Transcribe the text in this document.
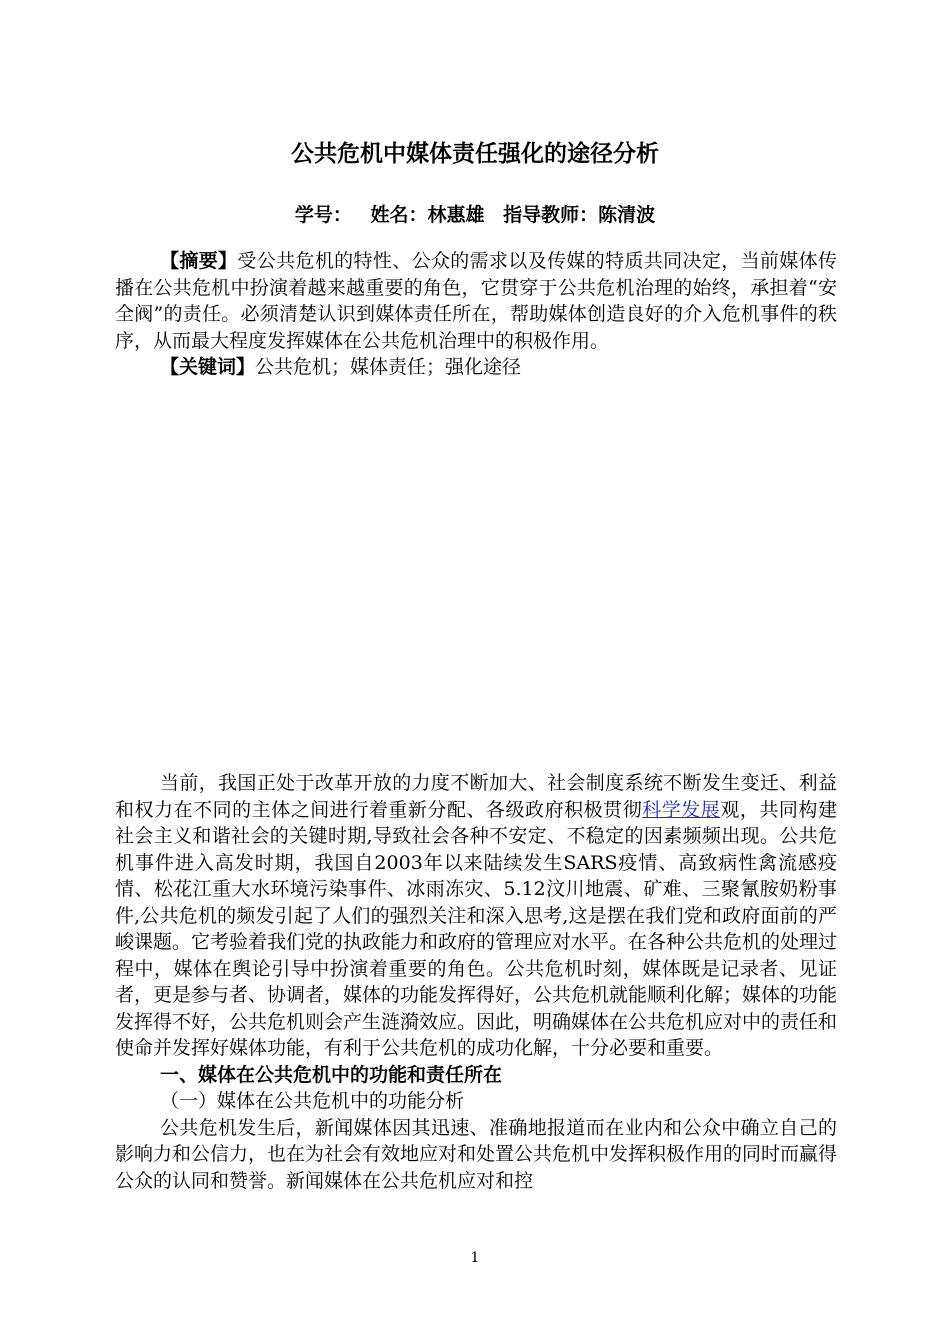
公共危机中媒体责任强化的途径分析
学号： 姓名：林惠雄 指导教师：陈清波

【摘要】受公共危机的特性、公众的需求以及传媒的特质共同决定，当前媒体传播在公共危机中扮演着越来越重要的角色，它贯穿于公共危机治理的始终，承担着“安全阀”的责任。必须清楚认识到媒体责任所在，帮助媒体创造良好的介入危机事件的秩序，从而最大程度发挥媒体在公共危机治理中的积极作用。

【关键词】公共危机；媒体责任；强化途径

当前，我国正处于改革开放的力度不断加大、社会制度系统不断发生变迁、利益和权力在不同的主体之间进行着重新分配、各级政府积极贯彻科学发展观，共同构建社会主义和谐社会的关键时期,导致社会各种不安定、不稳定的因素频频出现。公共危机事件进入高发时期，我国自2003年以来陆续发生SARS疫情、高致病性禽流感疫情、松花江重大水环境污染事件、冰雨冻灾、5.12汶川地震、矿难、三聚氰胺奶粉事件,公共危机的频发引起了人们的强烈关注和深入思考,这是摆在我们党和政府面前的严峻课题。它考验着我们党的执政能力和政府的管理应对水平。在各种公共危机的处理过程中，媒体在舆论引导中扮演着重要的角色。公共危机时刻，媒体既是记录者、见证者，更是参与者、协调者，媒体的功能发挥得好，公共危机就能顺利化解；媒体的功能发挥得不好，公共危机则会产生涟漪效应。因此，明确媒体在公共危机应对中的责任和使命并发挥好媒体功能，有利于公共危机的成功化解，十分必要和重要。

一、媒体在公共危机中的功能和责任所在

（一）媒体在公共危机中的功能分析

公共危机发生后，新闻媒体因其迅速、准确地报道而在业内和公众中确立自己的影响力和公信力，也在为社会有效地应对和处置公共危机中发挥积极作用的同时而赢得公众的认同和赞誉。新闻媒体在公共危机应对和控

1
